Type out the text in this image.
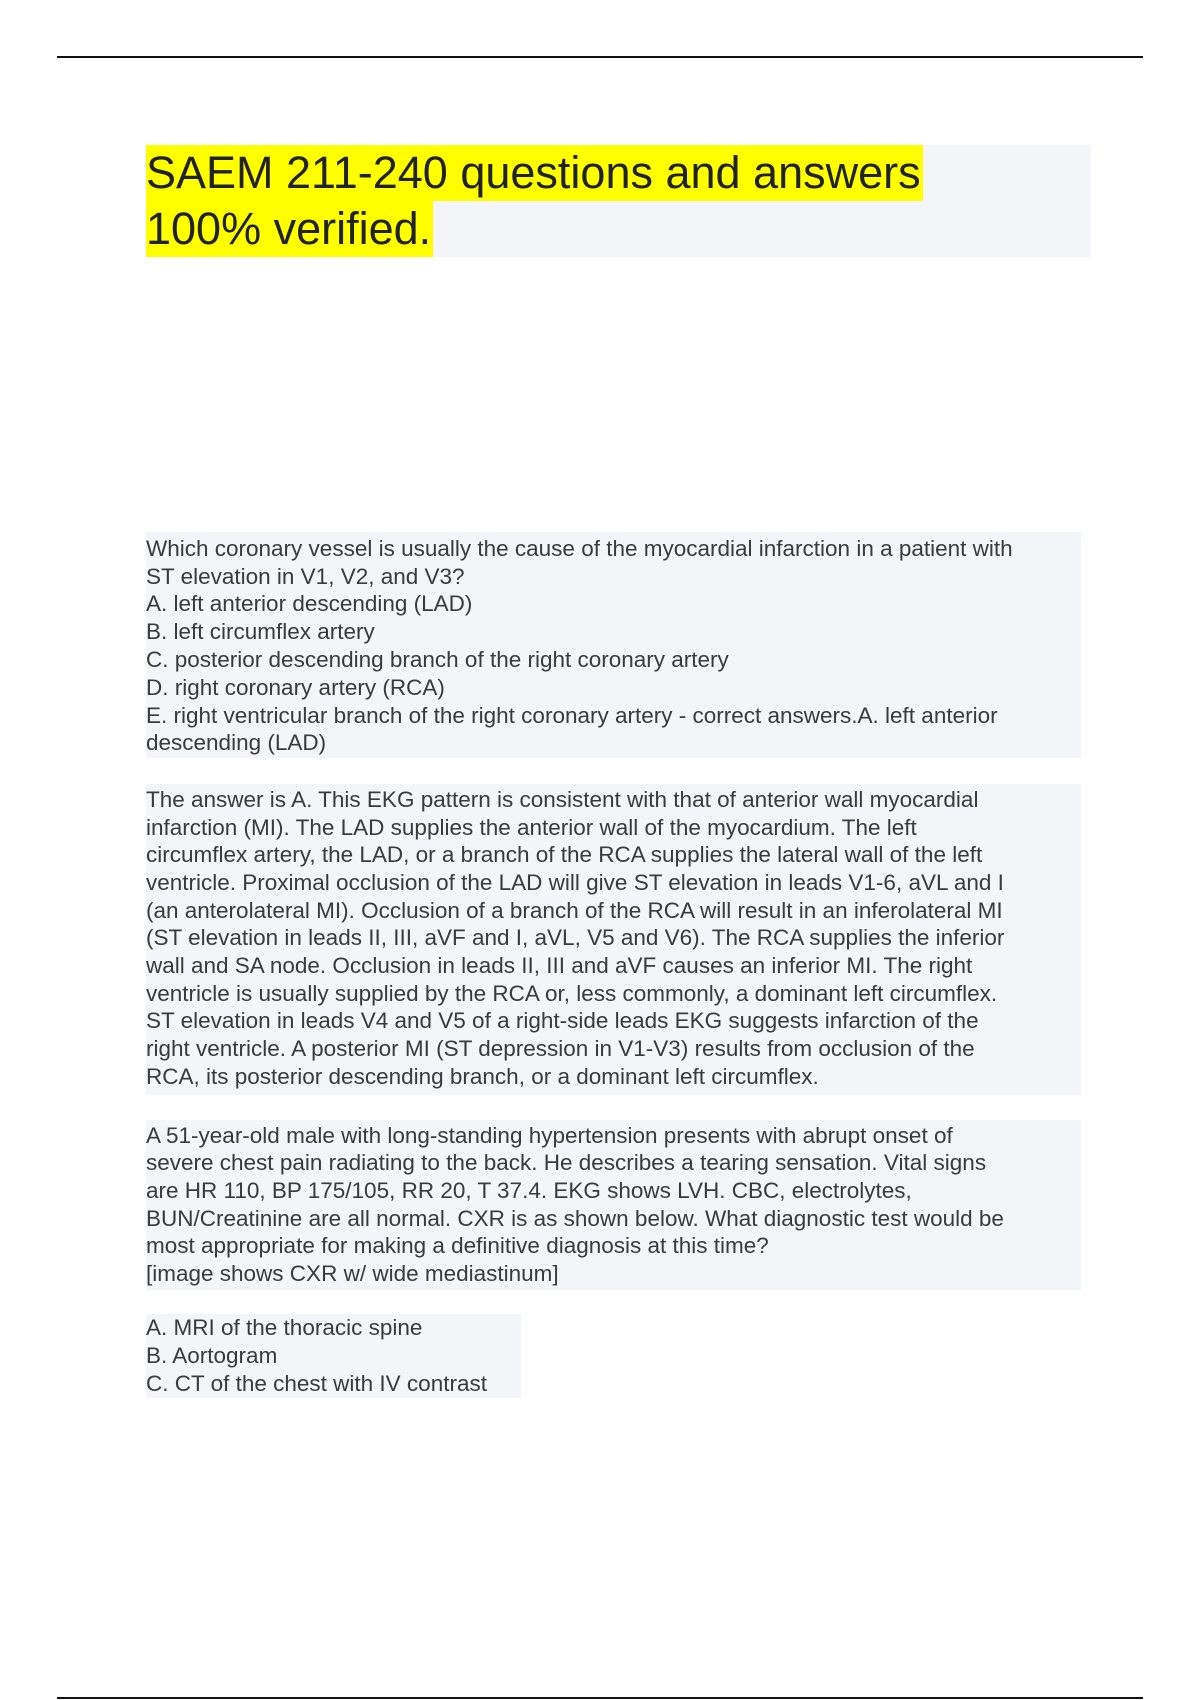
SAEM 211-240 questions and answers
100% verified.
Which coronary vessel is usually the cause of the myocardial infarction in a patient with
ST elevation in V1, V2, and V3?
A. left anterior descending (LAD)
B. left circumflex artery
C. posterior descending branch of the right coronary artery
D. right coronary artery (RCA)
E. right ventricular branch of the right coronary artery - correct answers.A. left anterior
descending (LAD)
The answer is A. This EKG pattern is consistent with that of anterior wall myocardial
infarction (MI). The LAD supplies the anterior wall of the myocardium. The left
circumflex artery, the LAD, or a branch of the RCA supplies the lateral wall of the left
ventricle. Proximal occlusion of the LAD will give ST elevation in leads V1-6, aVL and I
(an anterolateral MI). Occlusion of a branch of the RCA will result in an inferolateral MI
(ST elevation in leads II, III, aVF and I, aVL, V5 and V6). The RCA supplies the inferior
wall and SA node. Occlusion in leads II, III and aVF causes an inferior MI. The right
ventricle is usually supplied by the RCA or, less commonly, a dominant left circumflex.
ST elevation in leads V4 and V5 of a right-side leads EKG suggests infarction of the
right ventricle. A posterior MI (ST depression in V1-V3) results from occlusion of the
RCA, its posterior descending branch, or a dominant left circumflex.
A 51-year-old male with long-standing hypertension presents with abrupt onset of
severe chest pain radiating to the back. He describes a tearing sensation. Vital signs
are HR 110, BP 175/105, RR 20, T 37.4. EKG shows LVH. CBC, electrolytes,
BUN/Creatinine are all normal. CXR is as shown below. What diagnostic test would be
most appropriate for making a definitive diagnosis at this time?
[image shows CXR w/ wide mediastinum]
A. MRI of the thoracic spine
B. Aortogram
C. CT of the chest with IV contrast
